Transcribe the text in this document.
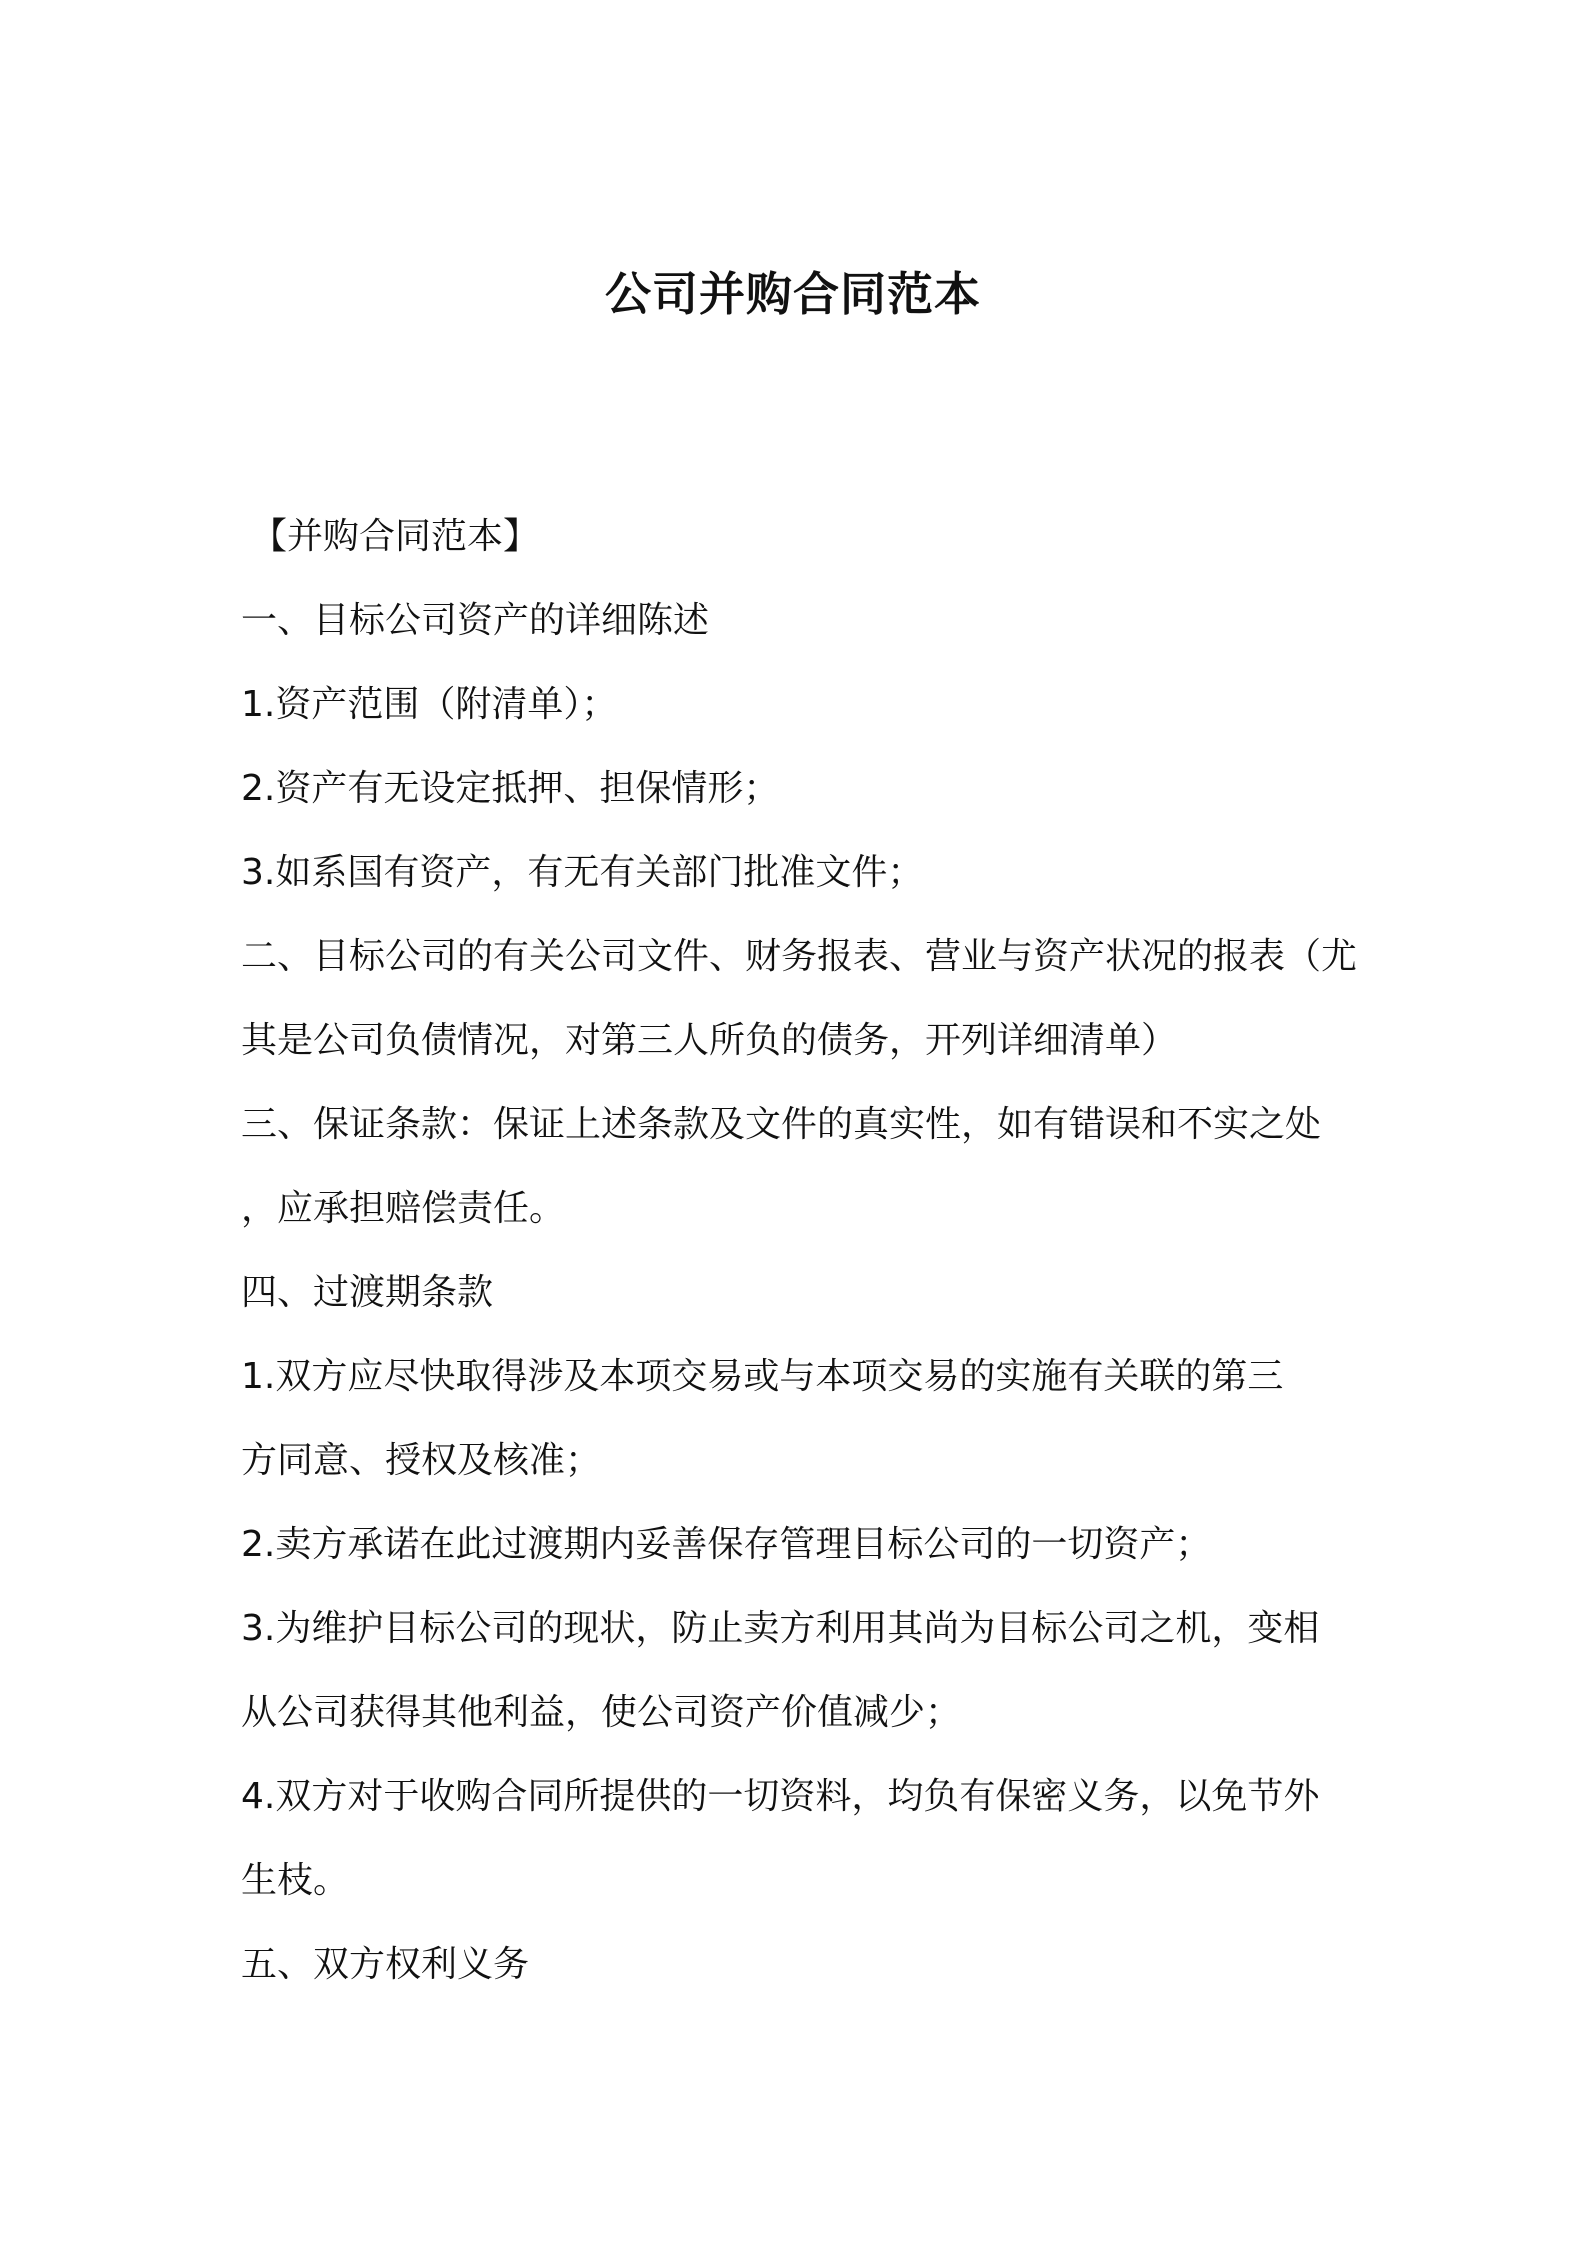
公司并购合同范本

【并购合同范本】

一、目标公司资产的详细陈述

1.资产范围（附清单）；

2.资产有无设定抵押、担保情形；

3.如系国有资产，有无有关部门批准文件；

二、目标公司的有关公司文件、财务报表、营业与资产状况的报表（尤

其是公司负债情况，对第三人所负的债务，开列详细清单）

三、保证条款：保证上述条款及文件的真实性，如有错误和不实之处

，应承担赔偿责任。

四、过渡期条款

1.双方应尽快取得涉及本项交易或与本项交易的实施有关联的第三

方同意、授权及核准；

2.卖方承诺在此过渡期内妥善保存管理目标公司的一切资产；

3.为维护目标公司的现状，防止卖方利用其尚为目标公司之机，变相

从公司获得其他利益，使公司资产价值减少；

4.双方对于收购合同所提供的一切资料，均负有保密义务，以免节外

生枝。

五、双方权利义务
